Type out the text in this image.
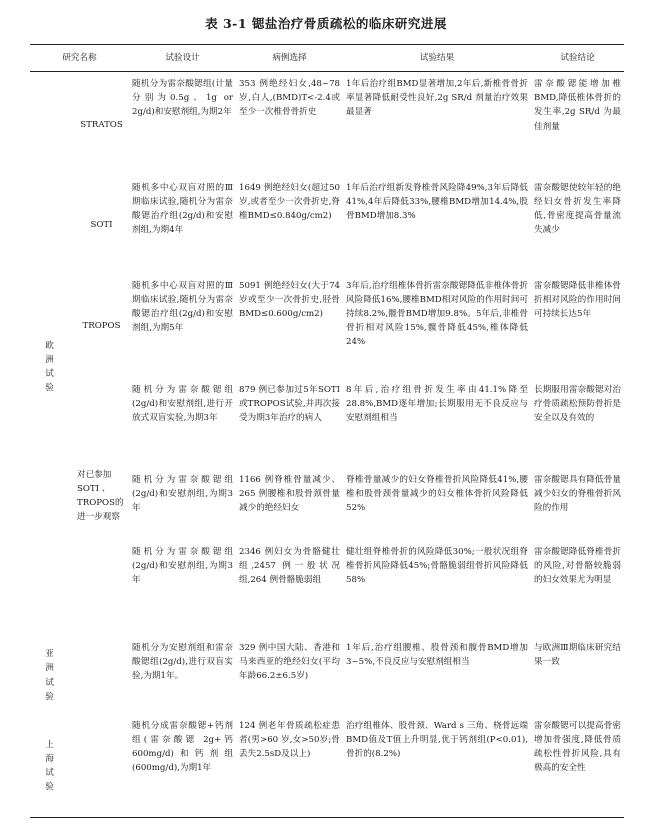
表 3-1 锶盐治疗骨质疏松的临床研究进展
研究名称		试验设计	病例选择	试验结果	试验结论
欧洲试验	STRATOS	随机分为雷奈酸锶组(计量分别为0.5g、1g or 2g/d)和安慰剂组,为期2年	353 例绝经妇女,48~78岁,白人,(BMD)T<-2.4或至少一次椎骨骨折史	1年后治疗组BMD显著增加,2年后,新椎骨骨折率显著降低耐受性良好,2g SR/d 剂量治疗效果最显著	雷奈酸锶能增加椎BMD,降低椎体骨折的发生率,2g SR/d 为最佳剂量
	SOTI	随机多中心双盲对照的Ⅲ期临床试验,随机分为雷奈酸锶治疗组(2g/d)和安慰剂组,为期4年	1649 例绝经妇女(超过50岁,或者至少一次骨折史,脊椎BMD≤0.840g/cm2)	1年后治疗组新发脊椎骨风险降49%,3年后降低41%,4年后降低33%,腰椎BMD增加14.4%,股骨BMD增加8.3%	雷奈酸锶使较年轻的绝经妇女骨折发生率降低,骨密度提高骨量流失减少
	TROPOS	随机多中心双盲对照的Ⅲ期临床试验,随机分为雷奈酸锶治疗组(2g/d)和安慰剂组,为期5年	5091 例绝经妇女(大于74岁或至少一次骨折史,胫骨BMD≤0.600g/cm2)	3年后,治疗组椎体骨折雷奈酸锶降低非椎体骨折风险降低16%,腰椎BMD相对风险的作用时间可持续8.2%,髋骨BMD增加9.8%。5年后,非椎骨骨折相对风险15%,髋骨降低45%,椎体降低24%	雷奈酸锶降低非椎体骨折相对风险的作用时间可持续长达5年
		随机分为雷奈酸锶组(2g/d)和安慰剂组,进行开放式双盲实验,为期3年	879 例已参加过5年SOTI或TROPOS试验,并再次接受为期3年治疗的病人	8年后,治疗组骨折发生率由41.1%降至28.8%,BMD逐年增加;长期服用无不良反应与安慰剂组相当	长期服用雷奈酸锶对治疗骨质疏松预防骨折是安全以及有效的
	对已参加SOTI 、TROPOS的进一步观察	随机分为雷奈酸锶组(2g/d)和安慰剂组,为期3年	1166 例脊椎骨量减少、265 例腰椎和股骨颈骨量减少的绝经妇女	脊椎骨量减少的妇女脊椎骨折风险降低41%,腰椎和股骨颈骨量减少的妇女椎体骨折风险降低52%	雷奈酸锶具有降低骨量减少妇女的脊椎骨折风险的作用
		随机分为雷奈酸锶组(2g/d)和安慰剂组,为期3年	2346 例妇女为骨骼健壮组,2457 例一般状况组,264 例骨骼脆弱组	健壮组脊椎骨折的风险降低30%;一般状况组脊椎骨折风险降低45%;骨骼脆弱组骨折风险降低58%	雷奈酸锶降低脊椎骨折的风险,对骨骼较脆弱的妇女效果尤为明显
亚洲试验		随机分为安慰剂组和雷奈酸锶组(2g/d),进行双盲实验,为期1年。	329 例中国大陆、香港和马来西亚的绝经妇女(平均年龄66.2±6.5岁)	1年后,治疗组腰椎、股骨颈和髋骨BMD增加3~5%,不良反应与安慰剂组相当	与欧洲Ⅲ期临床研究结果一致
上海试验		随机分成雷奈酸锶+钙剂组(雷奈酸锶 2g+钙600mg/d)和钙剂组(600mg/d),为期1年	124 例老年骨质疏松症患者(男>60 岁,女>50岁;骨丢失2.5sD及以上)	治疗组椎体、股骨颈、Ward s 三角、桡骨远端BMD值及T值上升明显,优于钙剂组(P<0.01),骨折的(8.2%)	雷奈酸锶可以提高骨密增加骨强度,降低骨质疏松性骨折风险,具有极高的安全性
